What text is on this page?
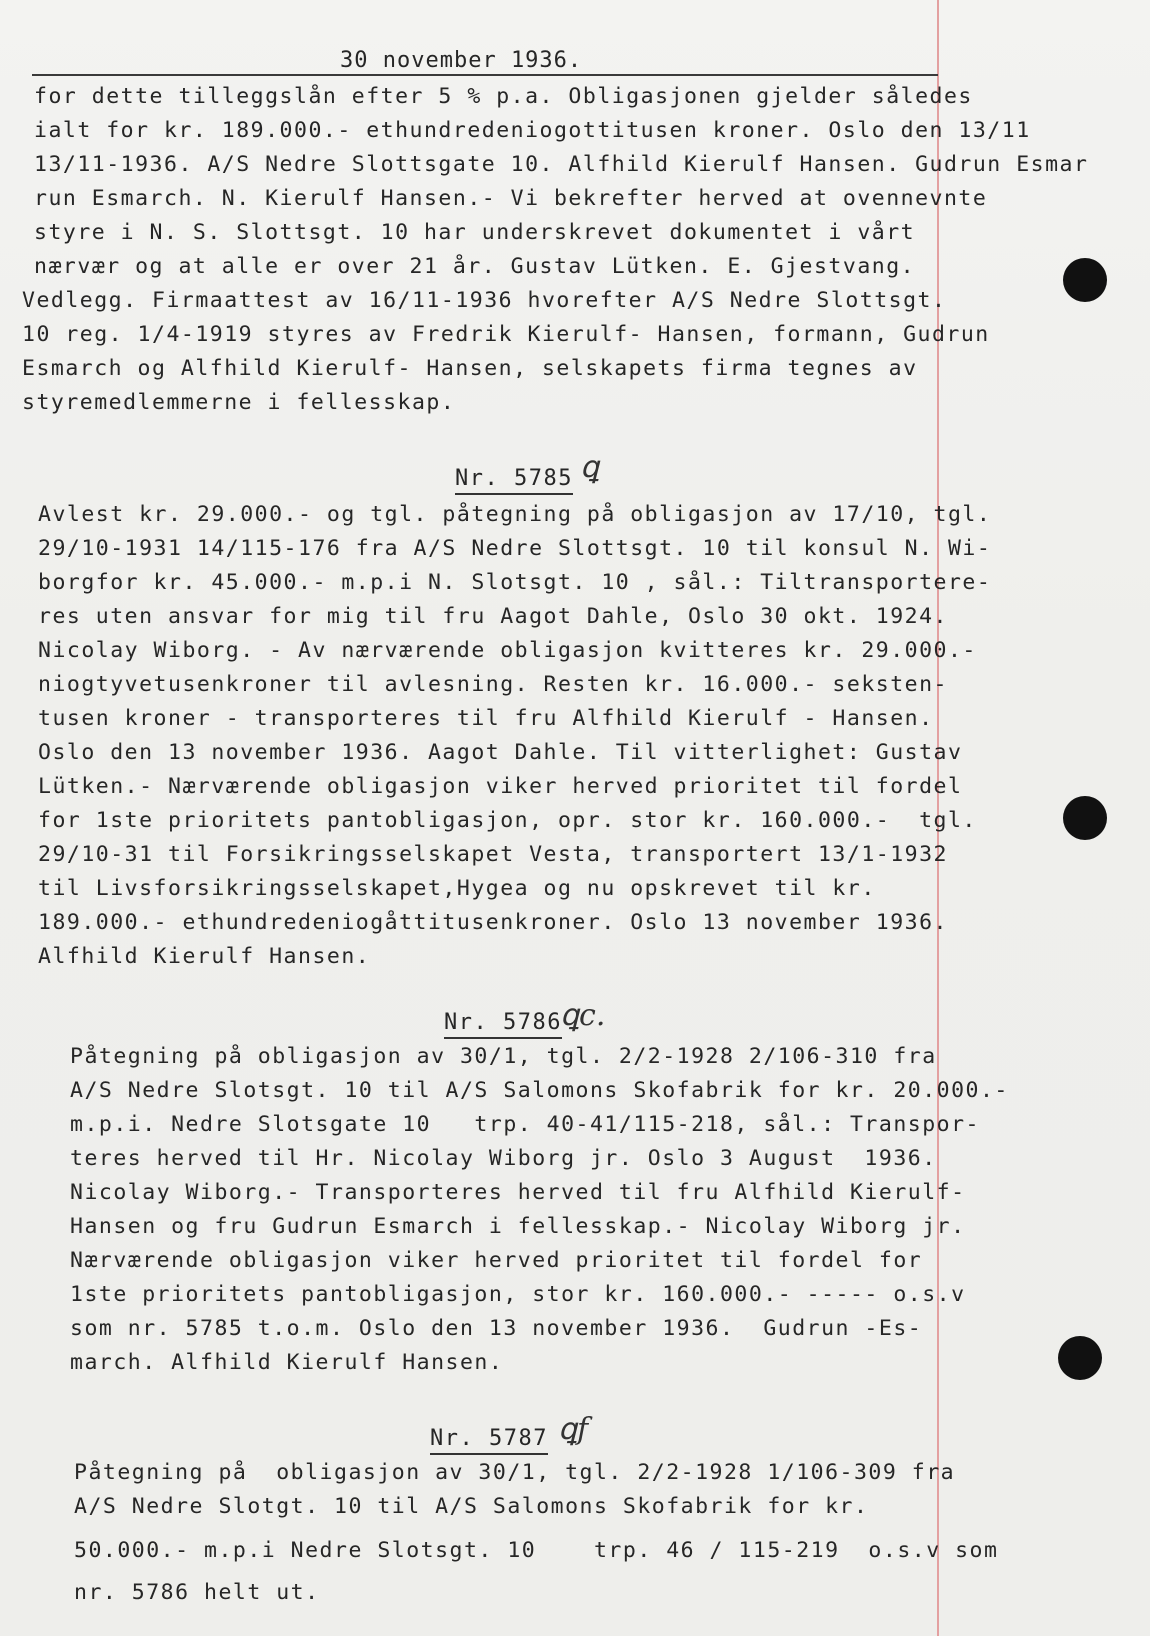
30 november 1936.
for dette tilleggslån efter 5 % p.a. Obligasjonen gjelder således
ialt for kr. 189.000.- ethundredeniogottitusen kroner. Oslo den 13/11
13/11-1936. A/S Nedre Slottsgate 10. Alfhild Kierulf Hansen. Gudrun Esmar
run Esmarch. N. Kierulf Hansen.- Vi bekrefter herved at ovennevnte
styre i N. S. Slottsgt. 10 har underskrevet dokumentet i vårt
nærvær og at alle er over 21 år. Gustav Lütken. E. Gjestvang.
Vedlegg. Firmaattest av 16/11-1936 hvorefter A/S Nedre Slottsgt.
10 reg. 1/4-1919 styres av Fredrik Kierulf- Hansen, formann, Gudrun
Esmarch og Alfhild Kierulf- Hansen, selskapets firma tegnes av
styremedlemmerne i fellesskap.
Nr. 5785 ꝗ
Avlest kr. 29.000.- og tgl. påtegning på obligasjon av 17/10, tgl.
29/10-1931 14/115-176 fra A/S Nedre Slottsgt. 10 til konsul N. Wi-
borgfor kr. 45.000.- m.p.i N. Slotsgt. 10 , sål.: Tiltransportere-
res uten ansvar for mig til fru Aagot Dahle, Oslo 30 okt. 1924.
Nicolay Wiborg. - Av nærværende obligasjon kvitteres kr. 29.000.-
niogtyvetusenkroner til avlesning. Resten kr. 16.000.- seksten-
tusen kroner - transporteres til fru Alfhild Kierulf - Hansen.
Oslo den 13 november 1936. Aagot Dahle. Til vitterlighet: Gustav
Lütken.- Nærværende obligasjon viker herved prioritet til fordel
for 1ste prioritets pantobligasjon, opr. stor kr. 160.000.-  tgl.
29/10-31 til Forsikringsselskapet Vesta, transportert 13/1-1932
til Livsforsikringsselskapet,Hygea og nu opskrevet til kr.
189.000.- ethundredeniogåttitusenkroner. Oslo 13 november 1936.
Alfhild Kierulf Hansen.
Nr. 5786
ꝗc.
Påtegning på obligasjon av 30/1, tgl. 2/2-1928 2/106-310 fra
A/S Nedre Slotsgt. 10 til A/S Salomons Skofabrik for kr. 20.000.-
m.p.i. Nedre Slotsgate 10   trp. 40-41/115-218, sål.: Transpor-
teres herved til Hr. Nicolay Wiborg jr. Oslo 3 August  1936.
Nicolay Wiborg.- Transporteres herved til fru Alfhild Kierulf-
Hansen og fru Gudrun Esmarch i fellesskap.- Nicolay Wiborg jr.
Nærværende obligasjon viker herved prioritet til fordel for
1ste prioritets pantobligasjon, stor kr. 160.000.- ----- o.s.v
som nr. 5785 t.o.m. Oslo den 13 november 1936.  Gudrun -Es-
march. Alfhild Kierulf Hansen.
Nr. 5787 ꝗf
Påtegning på  obligasjon av 30/1, tgl. 2/2-1928 1/106-309 fra
A/S Nedre Slotgt. 10 til A/S Salomons Skofabrik for kr.
50.000.- m.p.i Nedre Slotsgt. 10    trp. 46 / 115-219  o.s.v som
nr. 5786 helt ut.
